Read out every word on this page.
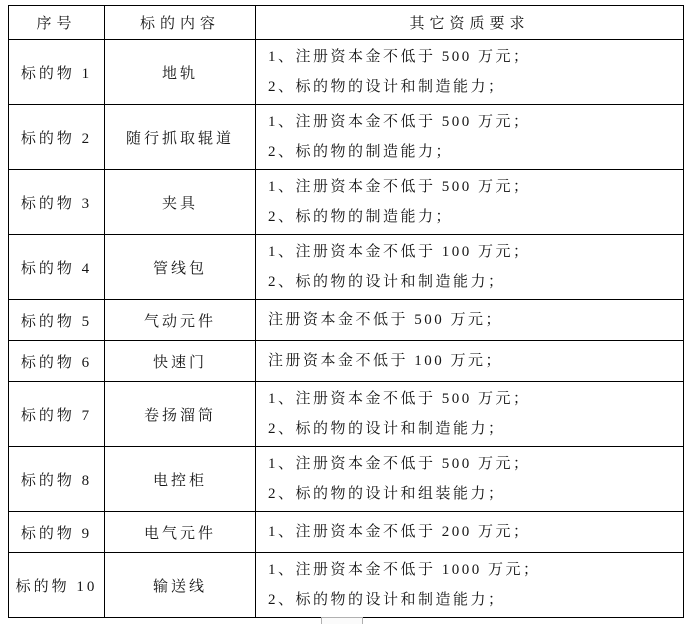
序号	标的内容	其它资质要求
标的物 1	地轨	1、注册资本金不低于 500 万元；
2、标的物的设计和制造能力；

标的物 2	随行抓取辊道	1、注册资本金不低于 500 万元；
2、标的物的制造能力；

标的物 3	夹具	1、注册资本金不低于 500 万元；
2、标的物的制造能力；

标的物 4	管线包	1、注册资本金不低于 100 万元；
2、标的物的设计和制造能力；

标的物 5	气动元件	注册资本金不低于 500 万元；

标的物 6	快速门	注册资本金不低于 100 万元；

标的物 7	卷扬溜筒	1、注册资本金不低于 500 万元；
2、标的物的设计和制造能力；

标的物 8	电控柜	1、注册资本金不低于 500 万元；
2、标的物的设计和组装能力；

标的物 9	电气元件	1、注册资本金不低于 200 万元；

标的物 10	输送线	1、注册资本金不低于 1000 万元；
2、标的物的设计和制造能力；
